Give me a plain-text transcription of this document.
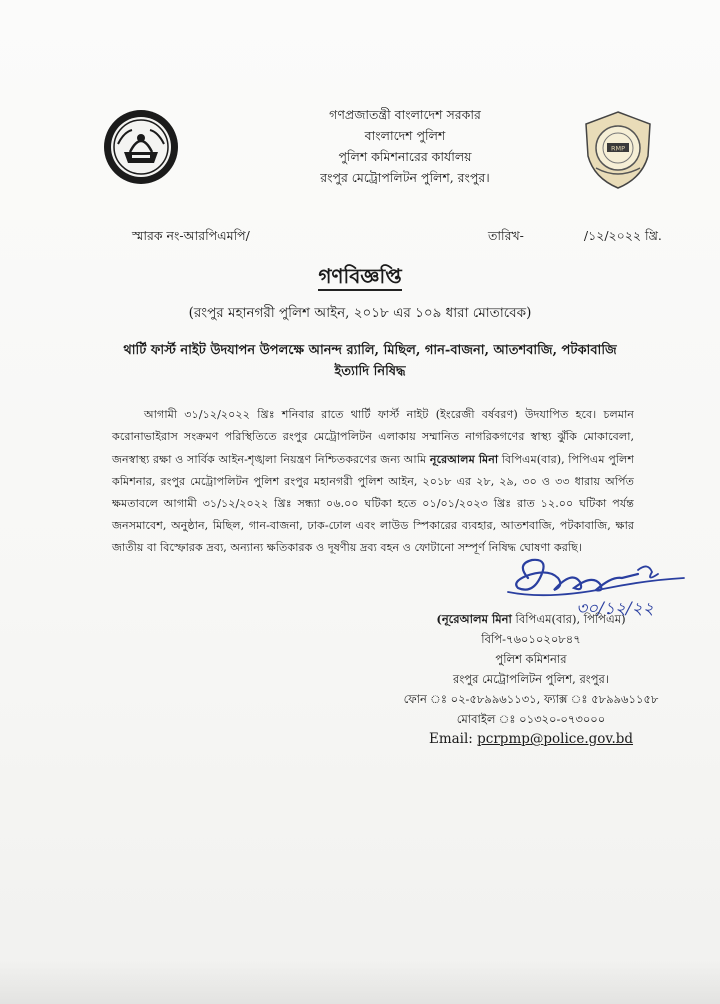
RMP
গণপ্রজাতন্ত্রী বাংলাদেশ সরকার
বাংলাদেশ পুলিশ
পুলিশ কমিশনারের কার্যালয়
রংপুর মেট্রোপলিটন পুলিশ, রংপুর।
স্মারক নং-আরপিএমপি/	তারিখ-	/১২/২০২২ খ্রি.
গণবিজ্ঞপ্তি
(রংপুর মহানগরী পুলিশ আইন, ২০১৮ এর ১০৯ ধারা মোতাবেক)
থার্টি ফার্স্ট নাইট উদযাপন উপলক্ষে আনন্দ র‌্যালি, মিছিল, গান-বাজনা, আতশবাজি, পটকাবাজি ইত্যাদি নিষিদ্ধ
আগামী ৩১/১২/২০২২ খ্রিঃ শনিবার রাতে থার্টি ফার্স্ট নাইট (ইংরেজী বর্ষবরণ) উদযাপিত হবে। চলমান করোনাভাইরাস সংক্রমণ পরিস্থিতিতে রংপুর মেট্রোপলিটন এলাকায় সম্মানিত নাগরিকগণের স্বাস্থ্য ঝুঁকি মোকাবেলা, জনস্বাস্থ্য রক্ষা ও সার্বিক আইন-শৃঙ্খলা নিয়ন্ত্রণ নিশ্চিতকরণের জন্য আমি নূরেআলম মিনা বিপিএম(বার), পিপিএম পুলিশ কমিশনার, রংপুর মেট্রোপলিটন পুলিশ রংপুর মহানগরী পুলিশ আইন, ২০১৮ এর ২৮, ২৯, ৩০ ও ৩৩ ধারায় অর্পিত ক্ষমতাবলে আগামী ৩১/১২/২০২২ খ্রিঃ সন্ধ্যা ০৬.০০ ঘটিকা হতে ০১/০১/২০২৩ খ্রিঃ রাত ১২.০০ ঘটিকা পর্যন্ত জনসমাবেশ, অনুষ্ঠান, মিছিল, গান-বাজনা, ঢাক-ঢোল এবং লাউড স্পিকারের ব্যবহার, আতশবাজি, পটকাবাজি, ক্ষার জাতীয় বা বিস্ফোরক দ্রব্য, অন্যান্য ক্ষতিকারক ও দূষণীয় দ্রব্য বহন ও ফোটানো সম্পূর্ণ নিষিদ্ধ ঘোষণা করছি।
৩০/১২/২২
(নূরেআলম মিনা বিপিএম(বার), পিপিএম)
বিপি-৭৬০১০২০৮৪৭
পুলিশ কমিশনার
রংপুর মেট্রোপলিটন পুলিশ, রংপুর।
ফোন ঃ ০২-৫৮৯৯৬১১৩১, ফ্যাক্স ঃ ৫৮৯৯৬১১৫৮
মোবাইল ঃ ০১৩২০-০৭৩০০০
Email: pcrpmp@police.gov.bd
